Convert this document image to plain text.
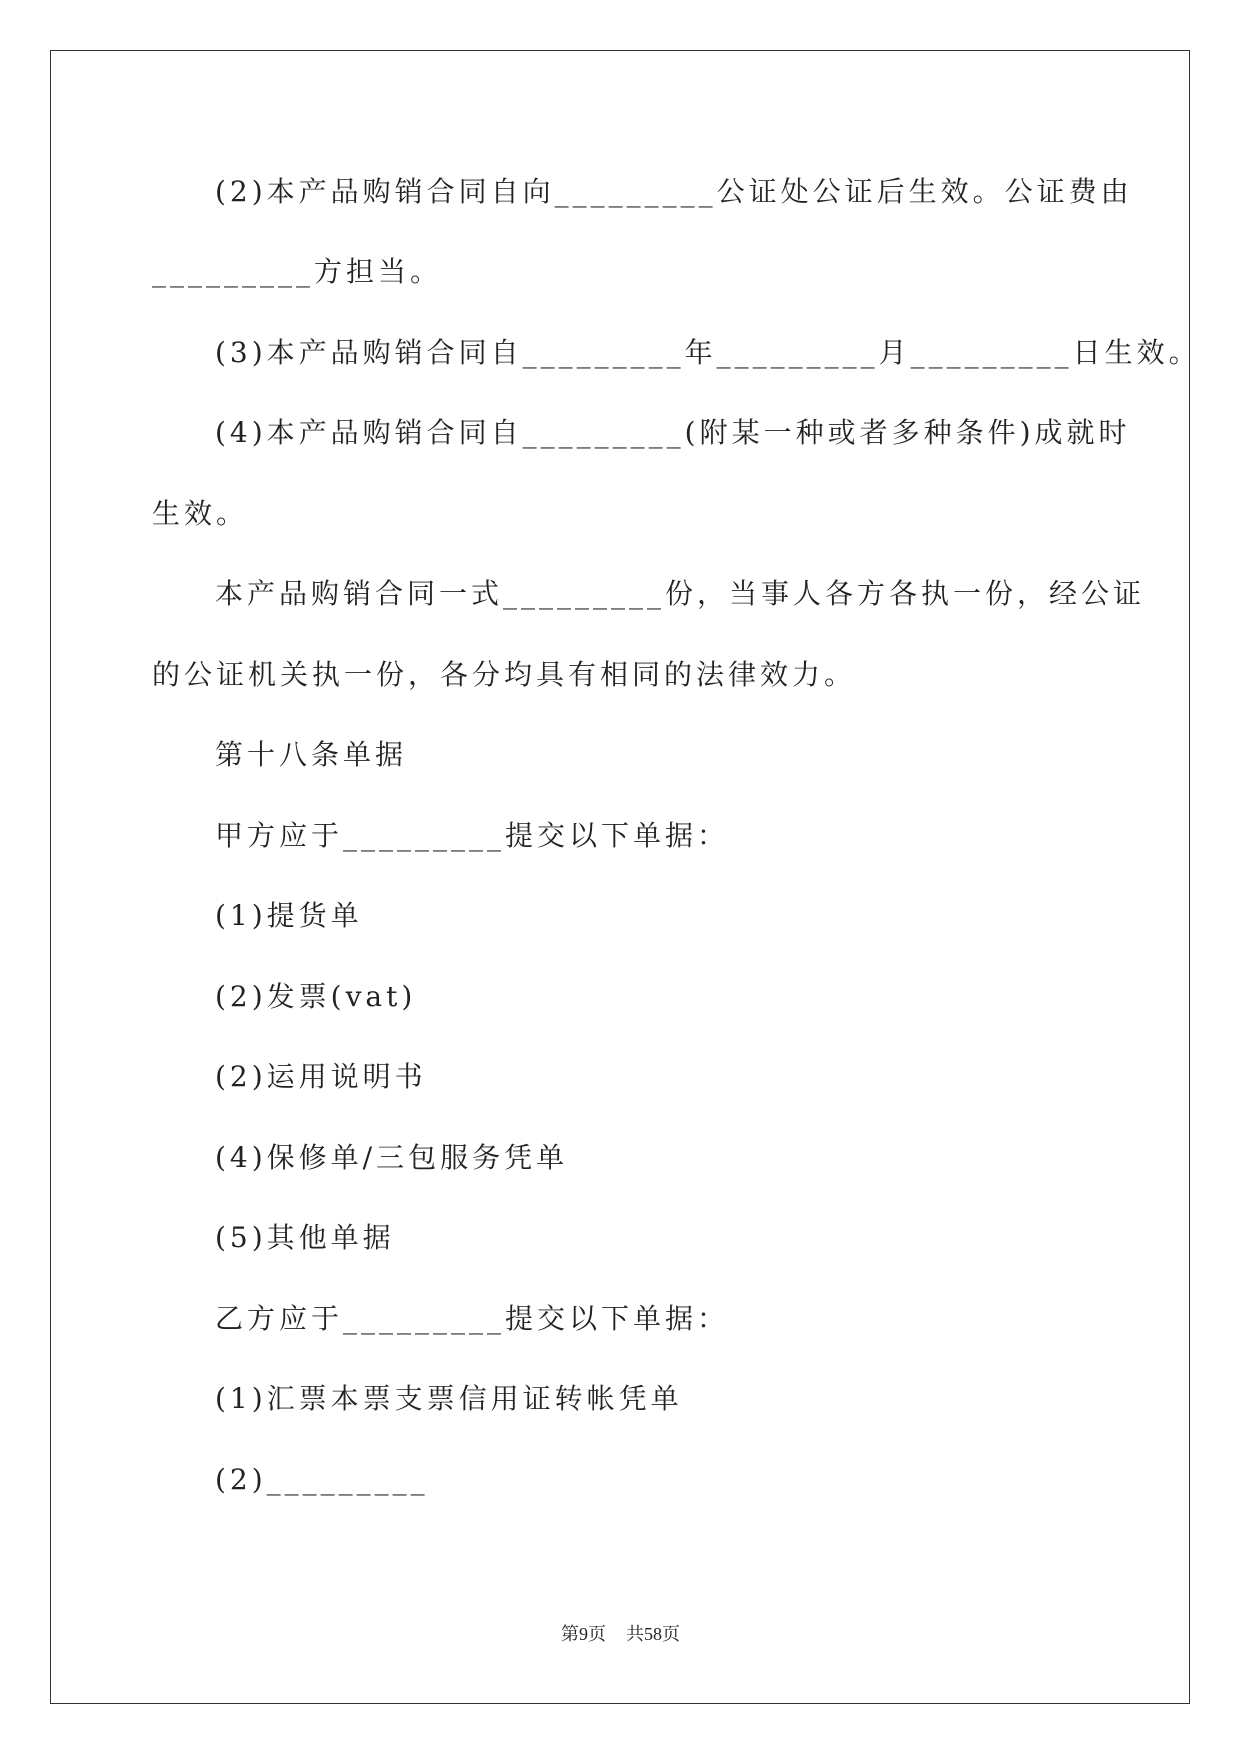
(2)本产品购销合同自向_________公证处公证后生效。公证费由
_________方担当。
(3)本产品购销合同自_________年_________月_________日生效。
(4)本产品购销合同自_________(附某一种或者多种条件)成就时
生效。
本产品购销合同一式_________份，当事人各方各执一份，经公证
的公证机关执一份，各分均具有相同的法律效力。
第十八条单据
甲方应于_________提交以下单据：
(1)提货单
(2)发票(vat)
(2)运用说明书
(4)保修单/三包服务凭单
(5)其他单据
乙方应于_________提交以下单据：
(1)汇票本票支票信用证转帐凭单
(2)_________
第9页 共58页
